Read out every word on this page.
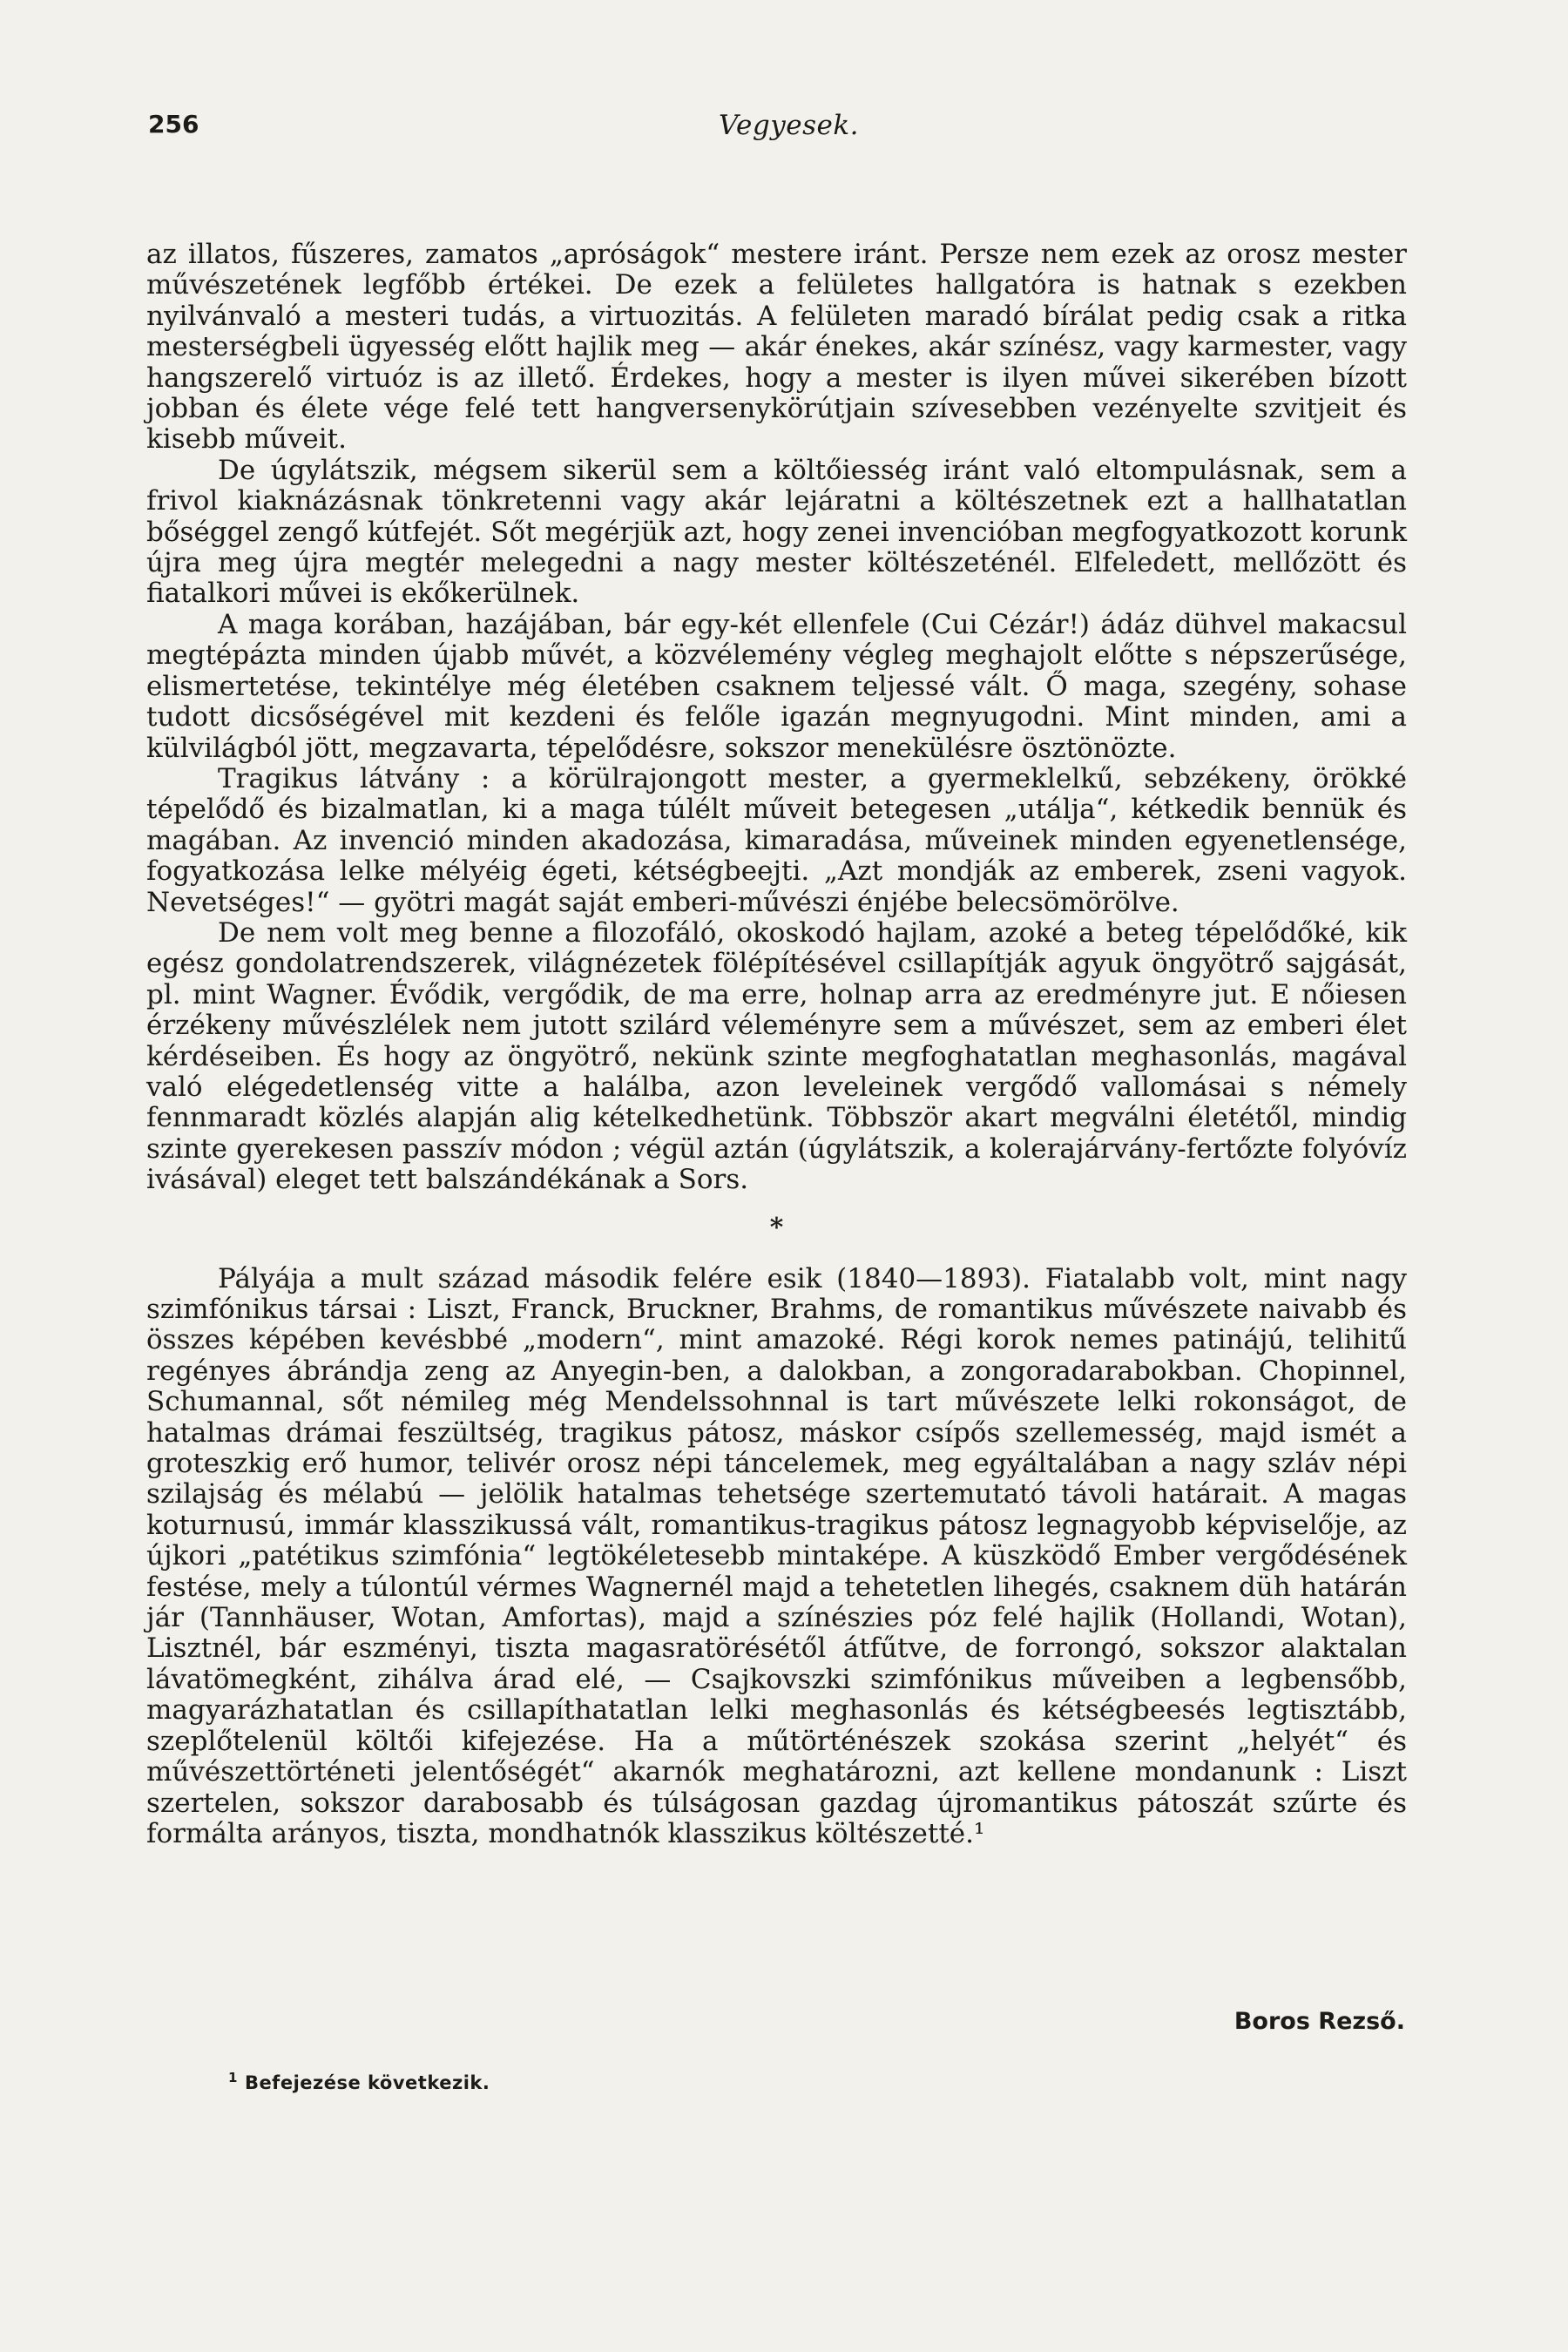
256	Vegyesek.

az illatos, fűszeres, zamatos „apróságok“ mestere iránt. Persze nem ezek az orosz mester művészetének legfőbb értékei. De ezek a felületes hallgatóra is hatnak s ezekben nyilvánvaló a mesteri tudás, a virtuozitás. A felületen maradó bírálat pedig csak a ritka mesterségbeli ügyesség előtt hajlik meg — akár énekes, akár színész, vagy karmester, vagy hangszerelő virtuóz is az illető. Érdekes, hogy a mester is ilyen művei sikerében bízott jobban és élete vége felé tett hangversenykörútjain szívesebben vezényelte szvitjeit és kisebb műveit.

De úgylátszik, mégsem sikerül sem a költőiesség iránt való eltompulásnak, sem a frivol kiaknázásnak tönkretenni vagy akár lejáratni a költészetnek ezt a hallhatatlan bőséggel zengő kútfejét. Sőt megérjük azt, hogy zenei invencióban megfogyatkozott korunk újra meg újra megtér melegedni a nagy mester költészeténél. Elfeledett, mellőzött és fiatalkori művei is ekőkerülnek.

A maga korában, hazájában, bár egy-két ellenfele (Cui Cézár!) ádáz dühvel makacsul megtépázta minden újabb művét, a közvélemény végleg meghajolt előtte s népszerűsége, elismertetése, tekintélye még életében csaknem teljessé vált. Ő maga, szegény, sohase tudott dicsőségével mit kezdeni és felőle igazán megnyugodni. Mint minden, ami a külvilágból jött, megzavarta, tépelődésre, sokszor menekülésre ösztönözte.

Tragikus látvány : a körülrajongott mester, a gyermeklelkű, sebzékeny, örökké tépelődő és bizalmatlan, ki a maga túlélt műveit betegesen „utálja“, kétkedik bennük és magában. Az invenció minden akadozása, kimaradása, műveinek minden egyenetlensége, fogyatkozása lelke mélyéig égeti, kétségbeejti. „Azt mondják az emberek, zseni vagyok. Nevetséges!“ — gyötri magát saját emberi-művészi énjébe belecsömörölve.

De nem volt meg benne a filozofáló, okoskodó hajlam, azoké a beteg tépelődőké, kik egész gondolatrendszerek, világnézetek fölépítésével csillapítják agyuk öngyötrő sajgását, pl. mint Wagner. Évődik, vergődik, de ma erre, holnap arra az eredményre jut. E nőiesen érzékeny művészlélek nem jutott szilárd véleményre sem a művészet, sem az emberi élet kérdéseiben. És hogy az öngyötrő, nekünk szinte megfoghatatlan meghasonlás, magával való elégedetlenség vitte a halálba, azon leveleinek vergődő vallomásai s némely fennmaradt közlés alapján alig kételkedhetünk. Többször akart megválni életétől, mindig szinte gyerekesen passzív módon ; végül aztán (úgylátszik, a kolerajárvány-fertőzte folyóvíz ivásával) eleget tett balszándékának a Sors.

*

Pályája a mult század második felére esik (1840—1893). Fiatalabb volt, mint nagy szimfónikus társai : Liszt, Franck, Bruckner, Brahms, de romantikus művészete naivabb és összes képében kevésbbé „modern“, mint amazoké. Régi korok nemes patinájú, telihitű regényes ábrándja zeng az Anyegin-ben, a dalokban, a zongoradarabokban. Chopinnel, Schumannal, sőt némileg még Mendelssohnnal is tart művészete lelki rokonságot, de hatalmas drámai feszültség, tragikus pátosz, máskor csípős szellemesség, majd ismét a groteszkig erő humor, telivér orosz népi táncelemek, meg egyáltalában a nagy szláv népi szilajság és mélabú — jelölik hatalmas tehetsége szertemutató távoli határait. A magas koturnusú, immár klasszikussá vált, romantikus-tragikus pátosz legnagyobb képviselője, az újkori „patétikus szimfónia“ legtökéletesebb mintaképe. A küszködő Ember vergődésének festése, mely a túlontúl vérmes Wagnernél majd a tehetetlen lihegés, csaknem düh határán jár (Tannhäuser, Wotan, Amfortas), majd a színészies póz felé hajlik (Hollandi, Wotan), Lisztnél, bár eszményi, tiszta magasratörésétől átfűtve, de forrongó, sokszor alaktalan lávatömegként, zihálva árad elé, — Csajkovszki szimfónikus műveiben a legbensőbb, magyarázhatatlan és csillapíthatatlan lelki meghasonlás és kétségbeesés legtisztább, szeplőtelenül költői kifejezése. Ha a műtörténészek szokása szerint „helyét“ és művészettörténeti jelentőségét“ akarnók meghatározni, azt kellene mondanunk : Liszt szertelen, sokszor darabosabb és túlságosan gazdag újromantikus pátoszát szűrte és formálta arányos, tiszta, mondhatnók klasszikus költészetté.¹

Boros Rezső.
$^1$ Befejezése következik.
